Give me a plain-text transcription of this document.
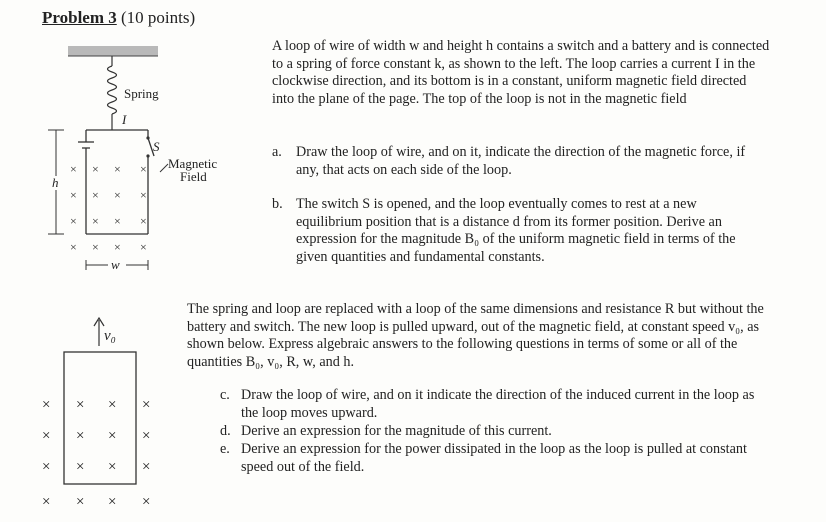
Problem 3 (10 points)
Spring
S
I
Magnetic
Field
h
w
× × × ×
× × × ×
× × × ×
× × × ×
v₀
× × × ×
× × × ×
× × × ×
× × × ×

A loop of wire of width w and height h contains a switch and a battery and is connected to a spring of force constant k, as shown to the left. The loop carries a current I in the clockwise direction, and its bottom is in a constant, uniform magnetic field directed into the plane of the page. The top of the loop is not in the magnetic field

a. Draw the loop of wire, and on it, indicate the direction of the magnetic force, if any, that acts on each side of the loop.
b. The switch S is opened, and the loop eventually comes to rest at a new equilibrium position that is a distance d from its former position. Derive an expression for the magnitude B₀ of the uniform magnetic field in terms of the given quantities and fundamental constants.

The spring and loop are replaced with a loop of the same dimensions and resistance R but without the battery and switch. The new loop is pulled upward, out of the magnetic field, at constant speed v₀, as shown below. Express algebraic answers to the following questions in terms of some or all of the quantities B₀, v₀, R, w, and h.

c. Draw the loop of wire, and on it indicate the direction of the induced current in the loop as the loop moves upward.
d. Derive an expression for the magnitude of this current.
e. Derive an expression for the power dissipated in the loop as the loop is pulled at constant speed out of the field.
